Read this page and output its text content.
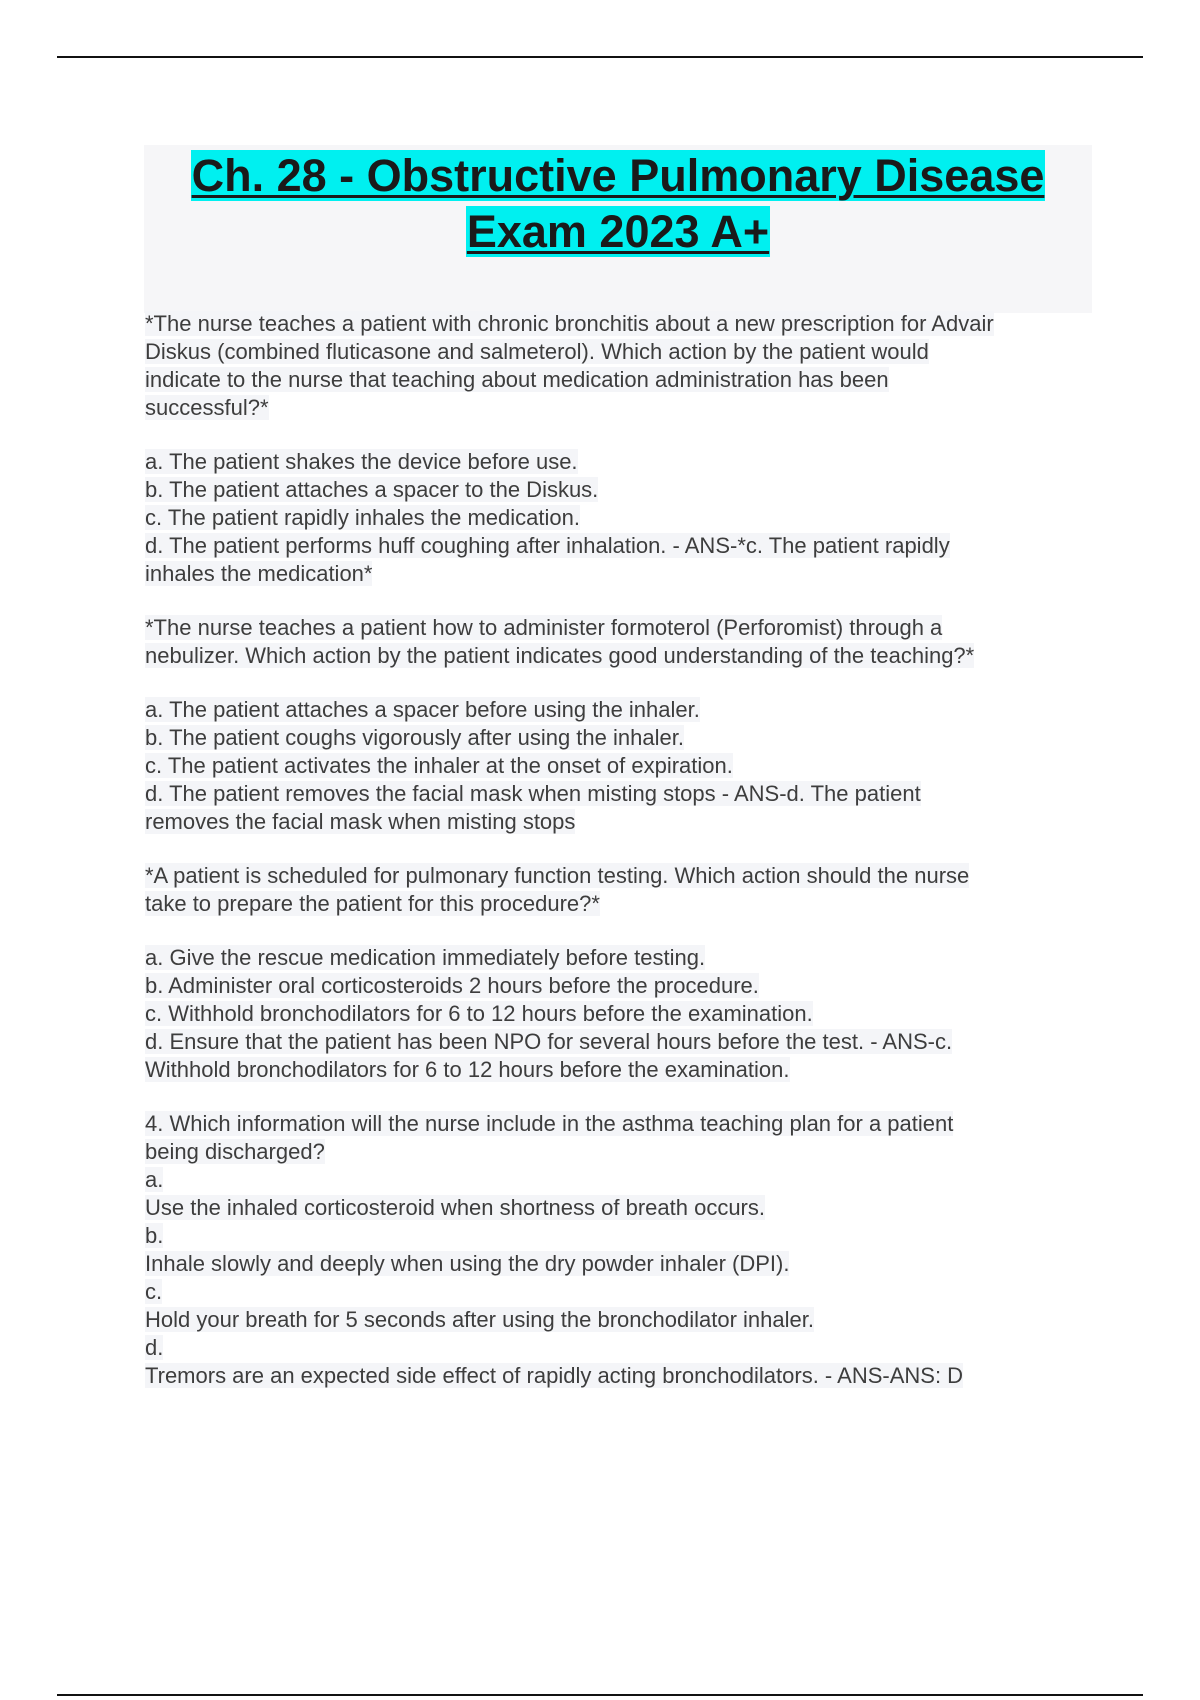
Ch. 28 - Obstructive Pulmonary Disease
Exam 2023 A+
*The nurse teaches a patient with chronic bronchitis about a new prescription for Advair
Diskus (combined fluticasone and salmeterol). Which action by the patient would
indicate to the nurse that teaching about medication administration has been
successful?*
a. The patient shakes the device before use.
b. The patient attaches a spacer to the Diskus.
c. The patient rapidly inhales the medication.
d. The patient performs huff coughing after inhalation. - ANS-*c. The patient rapidly
inhales the medication*
*The nurse teaches a patient how to administer formoterol (Perforomist) through a
nebulizer. Which action by the patient indicates good understanding of the teaching?*
a. The patient attaches a spacer before using the inhaler.
b. The patient coughs vigorously after using the inhaler.
c. The patient activates the inhaler at the onset of expiration.
d. The patient removes the facial mask when misting stops - ANS-d. The patient
removes the facial mask when misting stops
*A patient is scheduled for pulmonary function testing. Which action should the nurse
take to prepare the patient for this procedure?*
a. Give the rescue medication immediately before testing.
b. Administer oral corticosteroids 2 hours before the procedure.
c. Withhold bronchodilators for 6 to 12 hours before the examination.
d. Ensure that the patient has been NPO for several hours before the test. - ANS-c.
Withhold bronchodilators for 6 to 12 hours before the examination.
4. Which information will the nurse include in the asthma teaching plan for a patient
being discharged?
a.
Use the inhaled corticosteroid when shortness of breath occurs.
b.
Inhale slowly and deeply when using the dry powder inhaler (DPI).
c.
Hold your breath for 5 seconds after using the bronchodilator inhaler.
d.
Tremors are an expected side effect of rapidly acting bronchodilators. - ANS-ANS: D
